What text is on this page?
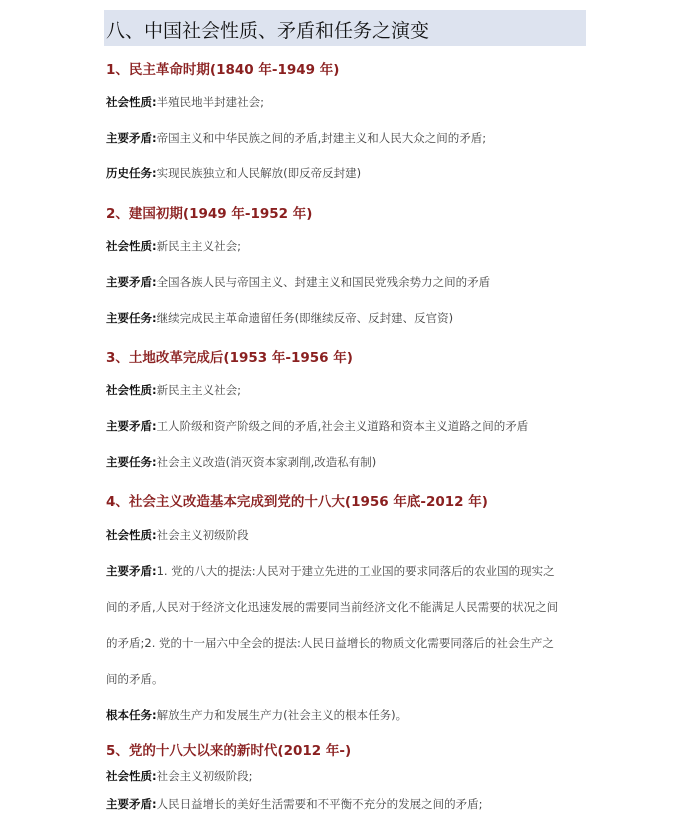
八、中国社会性质、矛盾和任务之演变
1、民主革命时期(1840 年-1949 年)
社会性质:半殖民地半封建社会;
主要矛盾:帝国主义和中华民族之间的矛盾,封建主义和人民大众之间的矛盾;
历史任务:实现民族独立和人民解放(即反帝反封建)
2、建国初期(1949 年-1952 年)
社会性质:新民主主义社会;
主要矛盾:全国各族人民与帝国主义、封建主义和国民党残余势力之间的矛盾
主要任务:继续完成民主革命遗留任务(即继续反帝、反封建、反官资)
3、土地改革完成后(1953 年-1956 年)
社会性质:新民主主义社会;
主要矛盾:工人阶级和资产阶级之间的矛盾,社会主义道路和资本主义道路之间的矛盾
主要任务:社会主义改造(消灭资本家剥削,改造私有制)
4、社会主义改造基本完成到党的十八大(1956 年底-2012 年)
社会性质:社会主义初级阶段
主要矛盾:1. 党的八大的提法:人民对于建立先进的工业国的要求同落后的农业国的现实之
间的矛盾,人民对于经济文化迅速发展的需要同当前经济文化不能满足人民需要的状况之间
的矛盾;2. 党的十一届六中全会的提法:人民日益增长的物质文化需要同落后的社会生产之
间的矛盾。
根本任务:解放生产力和发展生产力(社会主义的根本任务)。
5、党的十八大以来的新时代(2012 年-)
社会性质:社会主义初级阶段;
主要矛盾:人民日益增长的美好生活需要和不平衡不充分的发展之间的矛盾;
